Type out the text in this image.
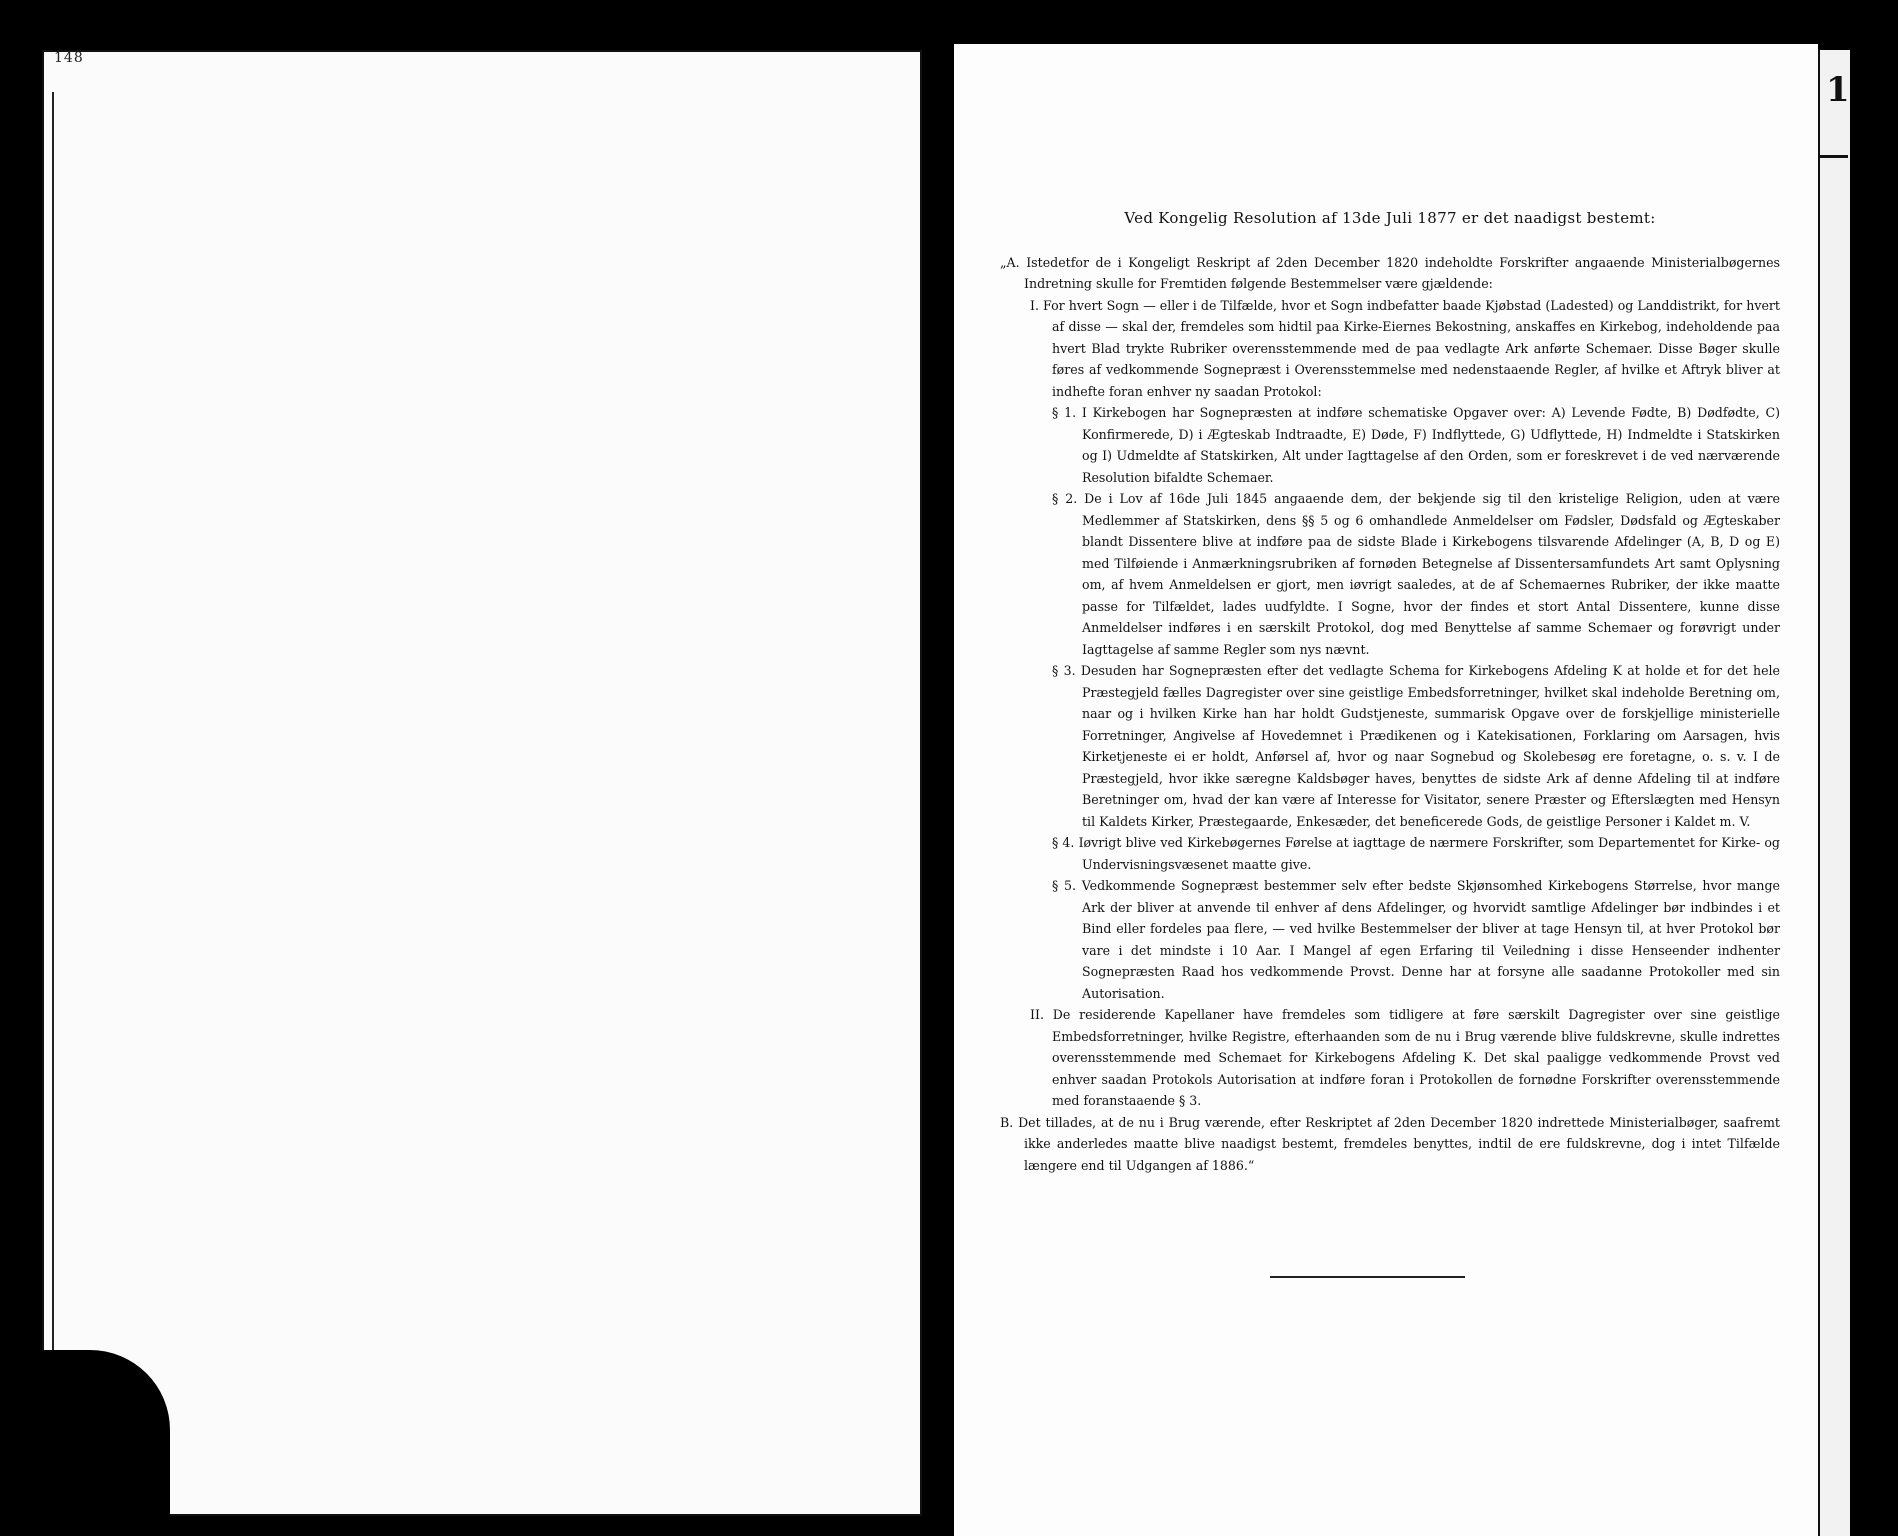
148
1

Ved Kongelig Resolution af 13de Juli 1877 er det naadigst bestemt:

„A. Istedetfor de i Kongeligt Reskript af 2den December 1820 indeholdte Forskrifter angaaende Ministerialbøgernes Indretning skulle for Fremtiden følgende Bestemmelser være gjældende:

I. For hvert Sogn — eller i de Tilfælde, hvor et Sogn indbefatter baade Kjøbstad (Ladested) og Landdistrikt, for hvert af disse — skal der, fremdeles som hidtil paa Kirke-Eiernes Bekostning, anskaffes en Kirkebog, indeholdende paa hvert Blad trykte Rubriker overensstemmende med de paa vedlagte Ark anførte Schemaer. Disse Bøger skulle føres af vedkommende Sognepræst i Overensstemmelse med nedenstaaende Regler, af hvilke et Aftryk bliver at indhefte foran enhver ny saadan Protokol:

§ 1. I Kirkebogen har Sognepræsten at indføre schematiske Opgaver over: A) Levende Fødte, B) Dødfødte, C) Konfirmerede, D) i Ægteskab Indtraadte, E) Døde, F) Indflyttede, G) Udflyttede, H) Indmeldte i Statskirken og I) Udmeldte af Statskirken, Alt under Iagttagelse af den Orden, som er foreskrevet i de ved nærværende Resolution bifaldte Schemaer.

§ 2. De i Lov af 16de Juli 1845 angaaende dem, der bekjende sig til den kristelige Religion, uden at være Medlemmer af Statskirken, dens §§ 5 og 6 omhandlede Anmeldelser om Fødsler, Dødsfald og Ægteskaber blandt Dissentere blive at indføre paa de sidste Blade i Kirkebogens tilsvarende Afdelinger (A, B, D og E) med Tilføiende i Anmærkningsrubriken af fornøden Betegnelse af Dissentersamfundets Art samt Oplysning om, af hvem Anmeldelsen er gjort, men iøvrigt saaledes, at de af Schemaernes Rubriker, der ikke maatte passe for Tilfældet, lades uudfyldte. I Sogne, hvor der findes et stort Antal Dissentere, kunne disse Anmeldelser indføres i en særskilt Protokol, dog med Benyttelse af samme Schemaer og forøvrigt under Iagttagelse af samme Regler som nys nævnt.

§ 3. Desuden har Sognepræsten efter det vedlagte Schema for Kirkebogens Afdeling K at holde et for det hele Præstegjeld fælles Dagregister over sine geistlige Embedsforretninger, hvilket skal indeholde Beretning om, naar og i hvilken Kirke han har holdt Gudstjeneste, summarisk Opgave over de forskjellige ministerielle Forretninger, Angivelse af Hovedemnet i Prædikenen og i Katekisationen, Forklaring om Aarsagen, hvis Kirketjeneste ei er holdt, Anførsel af, hvor og naar Sognebud og Skolebesøg ere foretagne, o. s. v. I de Præstegjeld, hvor ikke særegne Kaldsbøger haves, benyttes de sidste Ark af denne Afdeling til at indføre Beretninger om, hvad der kan være af Interesse for Visitator, senere Præster og Efterslægten med Hensyn til Kaldets Kirker, Præstegaarde, Enkesæder, det beneficerede Gods, de geistlige Personer i Kaldet m. V.

§ 4. Iøvrigt blive ved Kirkebøgernes Førelse at iagttage de nærmere Forskrifter, som Departementet for Kirke- og Undervisningsvæsenet maatte give.

§ 5. Vedkommende Sognepræst bestemmer selv efter bedste Skjønsomhed Kirkebogens Størrelse, hvor mange Ark der bliver at anvende til enhver af dens Afdelinger, og hvorvidt samtlige Afdelinger bør indbindes i et Bind eller fordeles paa flere, — ved hvilke Bestemmelser der bliver at tage Hensyn til, at hver Protokol bør vare i det mindste i 10 Aar. I Mangel af egen Erfaring til Veiledning i disse Henseender indhenter Sognepræsten Raad hos vedkommende Provst. Denne har at forsyne alle saadanne Protokoller med sin Autorisation.

II. De residerende Kapellaner have fremdeles som tidligere at føre særskilt Dagregister over sine geistlige Embedsforretninger, hvilke Registre, efterhaanden som de nu i Brug værende blive fuldskrevne, skulle indrettes overensstemmende med Schemaet for Kirkebogens Afdeling K. Det skal paaligge vedkommende Provst ved enhver saadan Protokols Autorisation at indføre foran i Protokollen de fornødne Forskrifter overensstemmende med foranstaaende § 3.

B. Det tillades, at de nu i Brug værende, efter Reskriptet af 2den December 1820 indrettede Ministerialbøger, saafremt ikke anderledes maatte blive naadigst bestemt, fremdeles benyttes, indtil de ere fuldskrevne, dog i intet Tilfælde længere end til Udgangen af 1886.“
